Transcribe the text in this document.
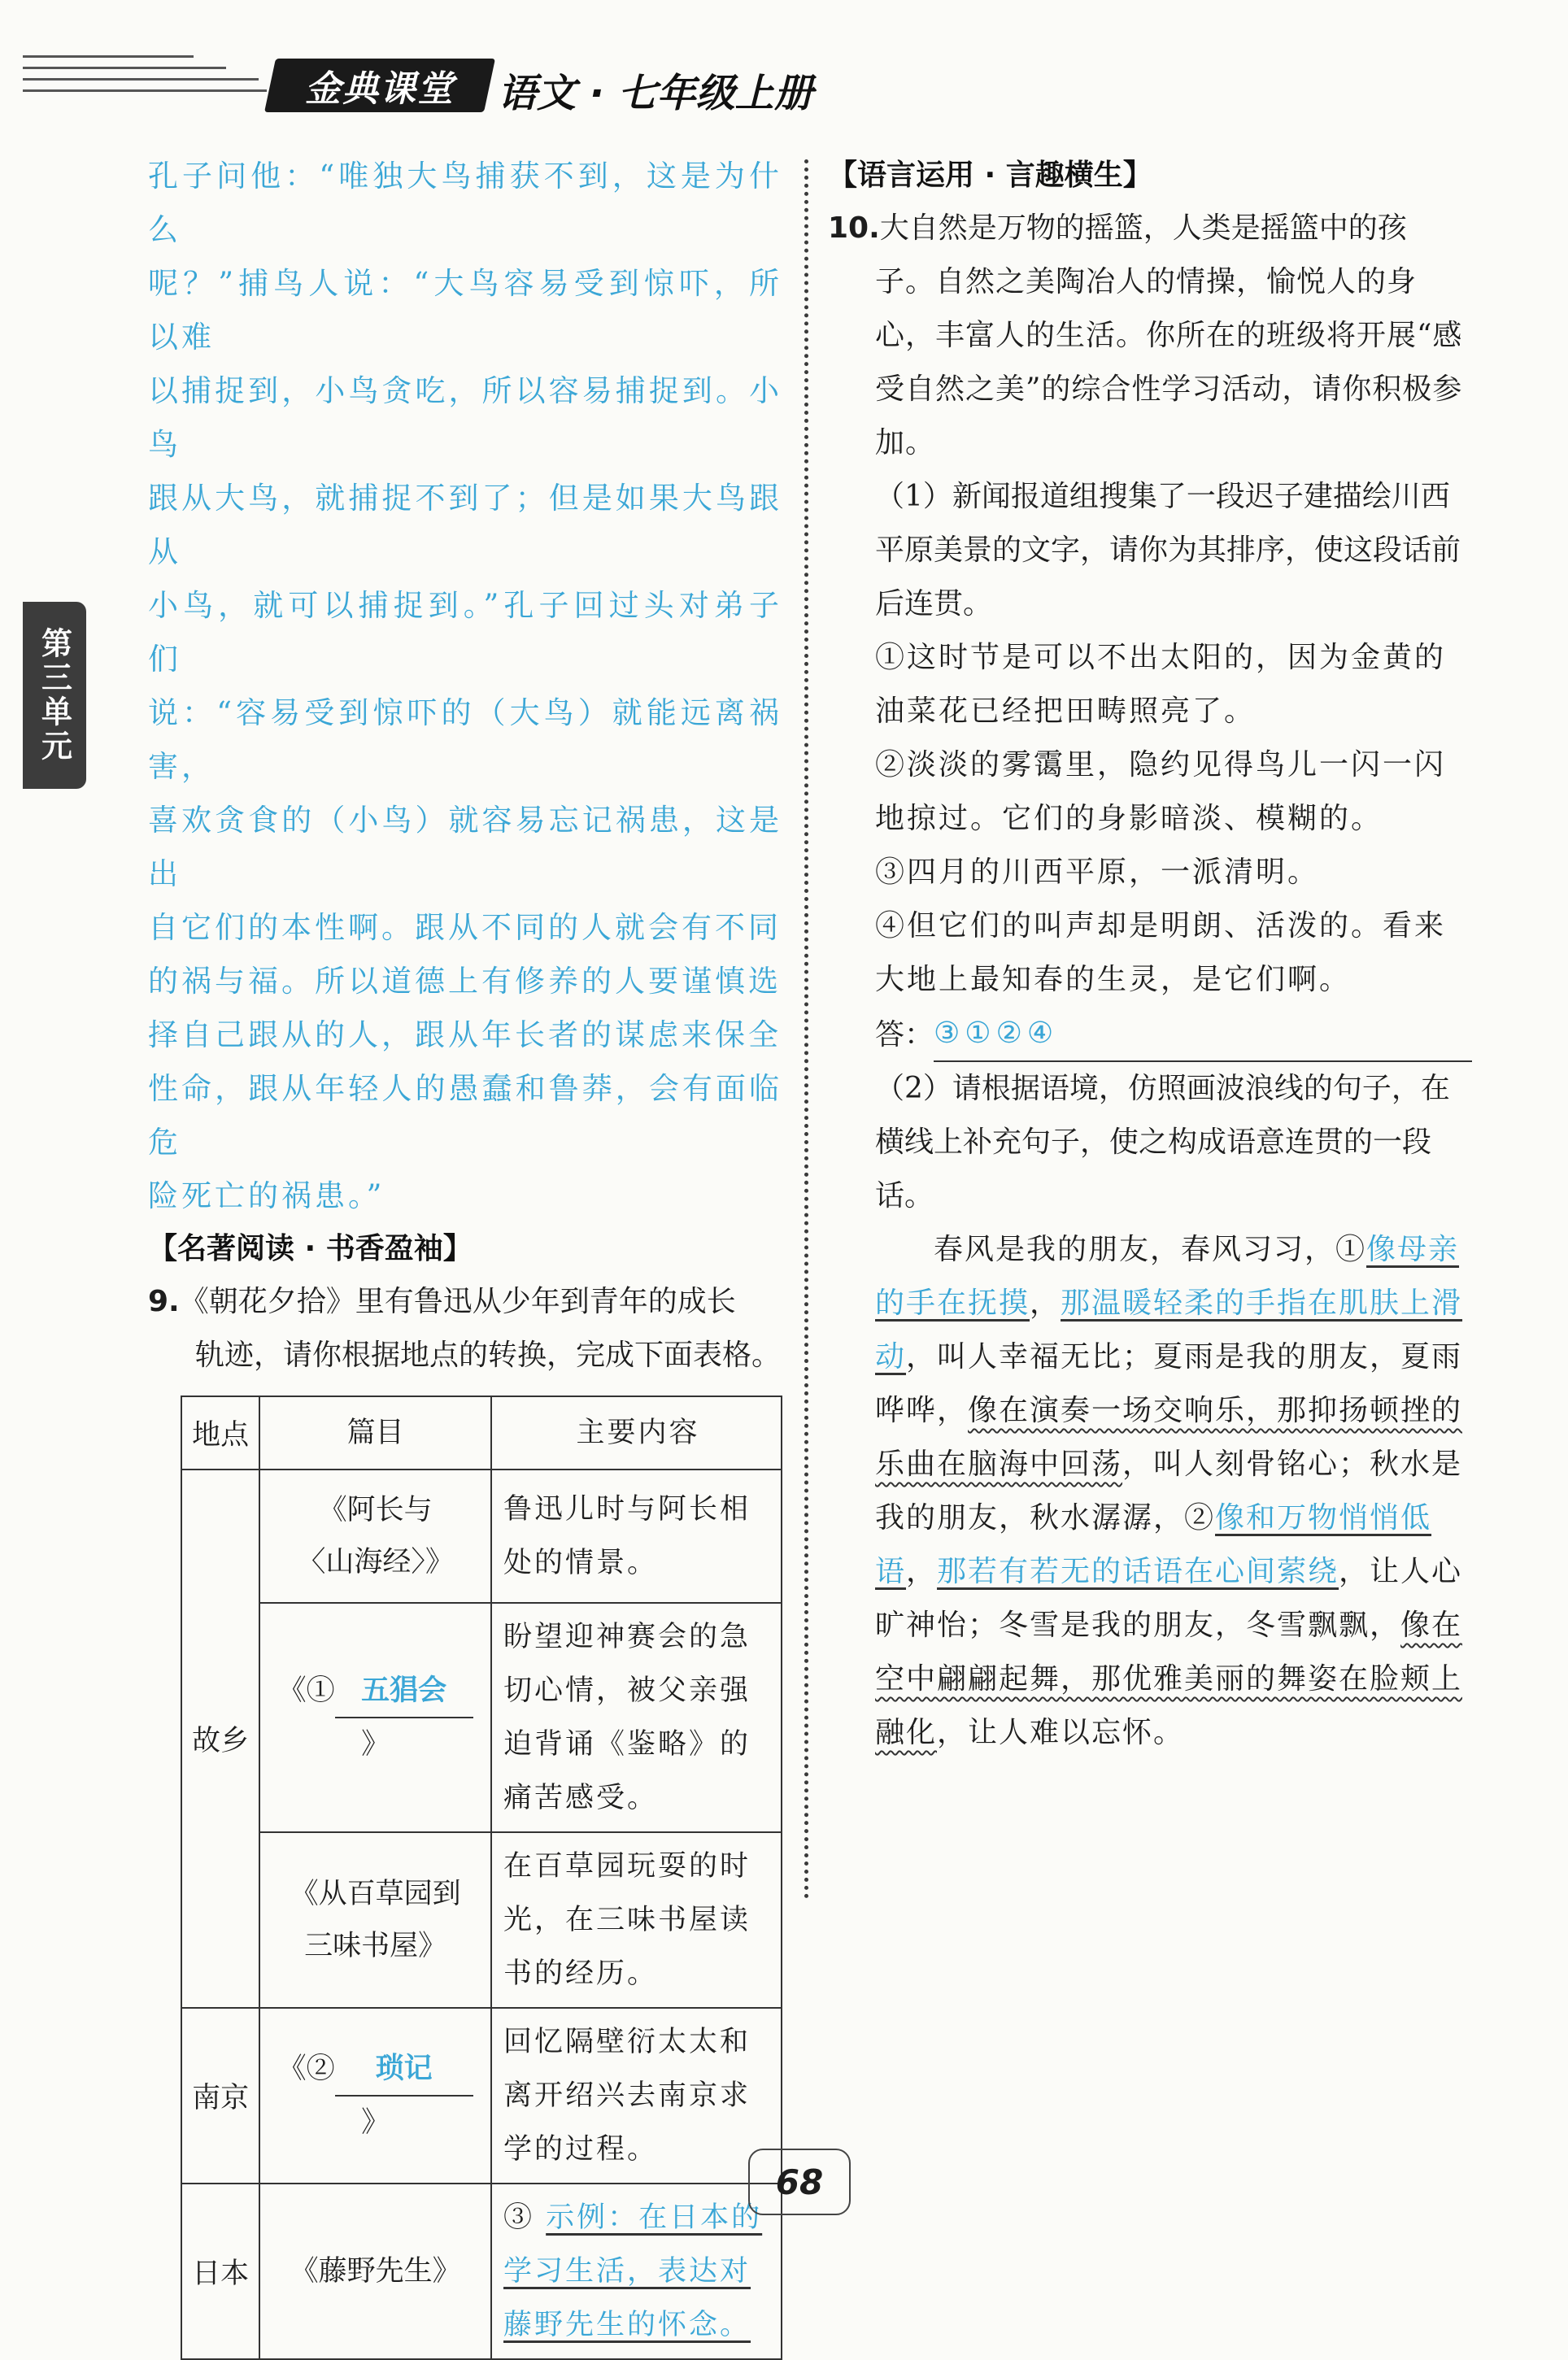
金典课堂 语文 · 七年级上册
第三单元

孔子问他：“唯独大鸟捕获不到，这是为什么

呢？”捕鸟人说：“大鸟容易受到惊吓，所以难

以捕捉到，小鸟贪吃，所以容易捕捉到。小鸟

跟从大鸟，就捕捉不到了；但是如果大鸟跟从

小鸟，就可以捕捉到。”孔子回过头对弟子们

说：“容易受到惊吓的（大鸟）就能远离祸害，

喜欢贪食的（小鸟）就容易忘记祸患，这是出

自它们的本性啊。跟从不同的人就会有不同

的祸与福。所以道德上有修养的人要谨慎选

择自己跟从的人，跟从年长者的谋虑来保全

性命，跟从年轻人的愚蠢和鲁莽，会有面临危

险死亡的祸患。”

【名著阅读 · 书香盈袖】
9.《朝花夕拾》里有鲁迅从少年到青年的成长
轨迹，请你根据地点的转换，完成下面表格。
地点	篇目	主要内容
故乡	《阿长与
〈山海经〉》	鲁迅儿时与阿长相处的情景。
	《① 五猖会》	盼望迎神赛会的急切心情，被父亲强迫背诵《鉴略》的痛苦感受。

	《从百草园到
三味书屋》	在百草园玩耍的时光，在三味书屋读书的经历。
南京	《② 琐记》	回忆隔壁衍太太和离开绍兴去南京求学的过程。
日本	《藤野先生》	③ 示例：在日本的学习生活，表达对藤野先生的怀念。
【语言运用 · 言趣横生】
10.大自然是万物的摇篮，人类是摇篮中的孩
子。自然之美陶冶人的情操，愉悦人的身心，丰富人的生活。你所在的班级将开展“感受自然之美”的综合性学习活动，请你积极参加。
（1）新闻报道组搜集了一段迟子建描绘川西平原美景的文字，请你为其排序，使这段话前后连贯。
①这时节是可以不出太阳的，因为金黄的油菜花已经把田畴照亮了。
②淡淡的雾霭里，隐约见得鸟儿一闪一闪地掠过。它们的身影暗淡、模糊的。
③四月的川西平原，一派清明。
④但它们的叫声却是明朗、活泼的。看来大地上最知春的生灵，是它们啊。
答： ③①②④
（2）请根据语境，仿照画波浪线的句子，在横线上补充句子，使之构成语意连贯的一段话。
春风是我的朋友，春风习习，①像母亲的手在抚摸，那温暖轻柔的手指在肌肤上滑动，叫人幸福无比；夏雨是我的朋友，夏雨哗哗，像在演奏一场交响乐，那抑扬顿挫的乐曲在脑海中回荡，叫人刻骨铭心；秋水是我的朋友，秋水潺潺，②像和万物悄悄低语，那若有若无的话语在心间萦绕，让人心旷神怡；冬雪是我的朋友，冬雪飘飘，像在空中翩翩起舞，那优雅美丽的舞姿在脸颊上融化，让人难以忘怀。
68
